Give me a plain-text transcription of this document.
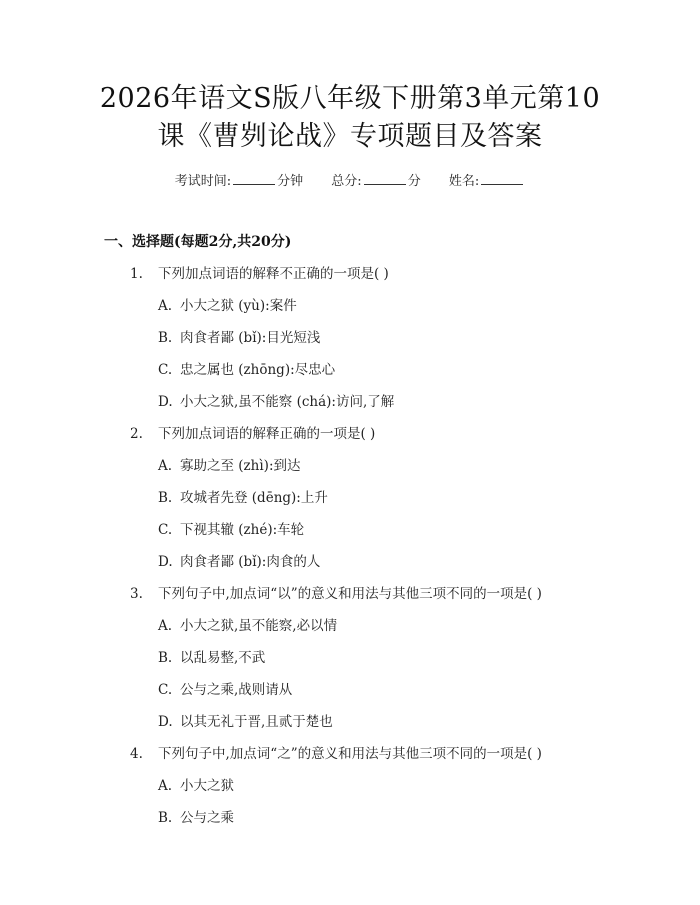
2026年语文S版八年级下册第3单元第10
课《曹刿论战》专项题目及答案
考试时间:	分钟 总分:	分 姓名:
一、选择题(每题2分,共20分)
1. 下列加点词语的解释不正确的一项是( )
A. 小大之狱 (yù):案件
B. 肉食者鄙 (bǐ):目光短浅
C. 忠之属也 (zhōng):尽忠心
D. 小大之狱,虽不能察 (chá):访问,了解
2. 下列加点词语的解释正确的一项是( )
A. 寡助之至 (zhì):到达
B. 攻城者先登 (dēng):上升
C. 下视其辙 (zhé):车轮
D. 肉食者鄙 (bǐ):肉食的人
3. 下列句子中,加点词“以”的意义和用法与其他三项不同的一项是( )
A. 小大之狱,虽不能察,必以情
B. 以乱易整,不武
C. 公与之乘,战则请从
D. 以其无礼于晋,且贰于楚也
4. 下列句子中,加点词“之”的意义和用法与其他三项不同的一项是( )
A. 小大之狱
B. 公与之乘
